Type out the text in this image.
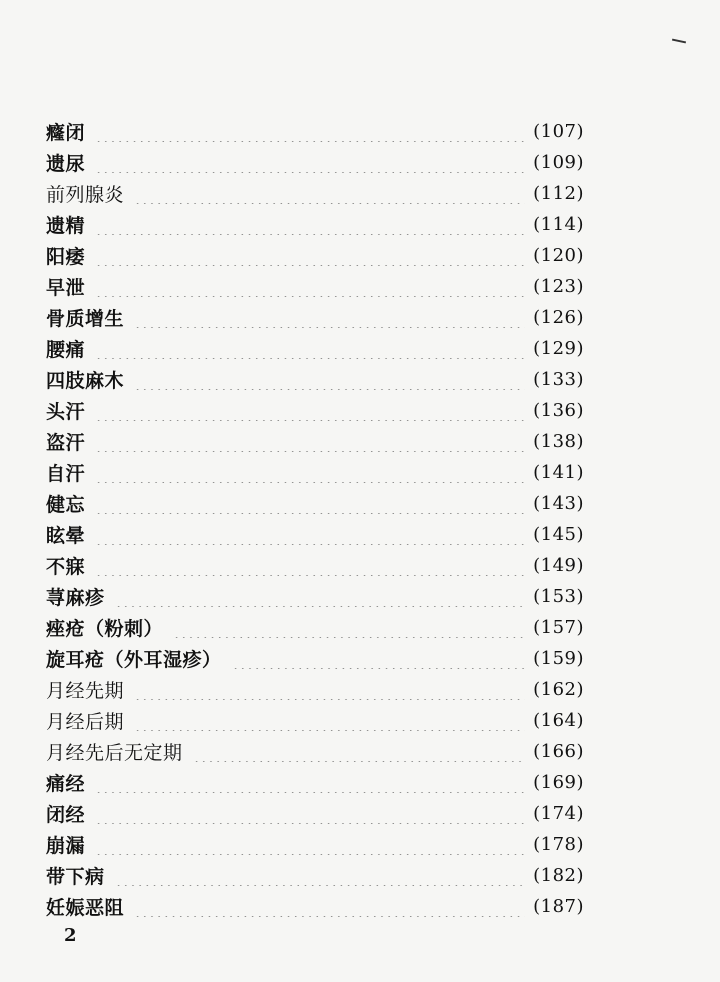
癃闭	(107)
遗尿	(109)
前列腺炎	(112)
遗精	(114)
阳痿	(120)
早泄	(123)
骨质增生	(126)
腰痛	(129)
四肢麻木	(133)
头汗	(136)
盗汗	(138)
自汗	(141)
健忘	(143)
眩晕	(145)
不寐	(149)
荨麻疹	(153)
痤疮（粉刺）	(157)
旋耳疮（外耳湿疹）	(159)
月经先期	(162)
月经后期	(164)
月经先后无定期	(166)
痛经	(169)
闭经	(174)
崩漏	(178)
带下病	(182)
妊娠恶阻	(187)
2
